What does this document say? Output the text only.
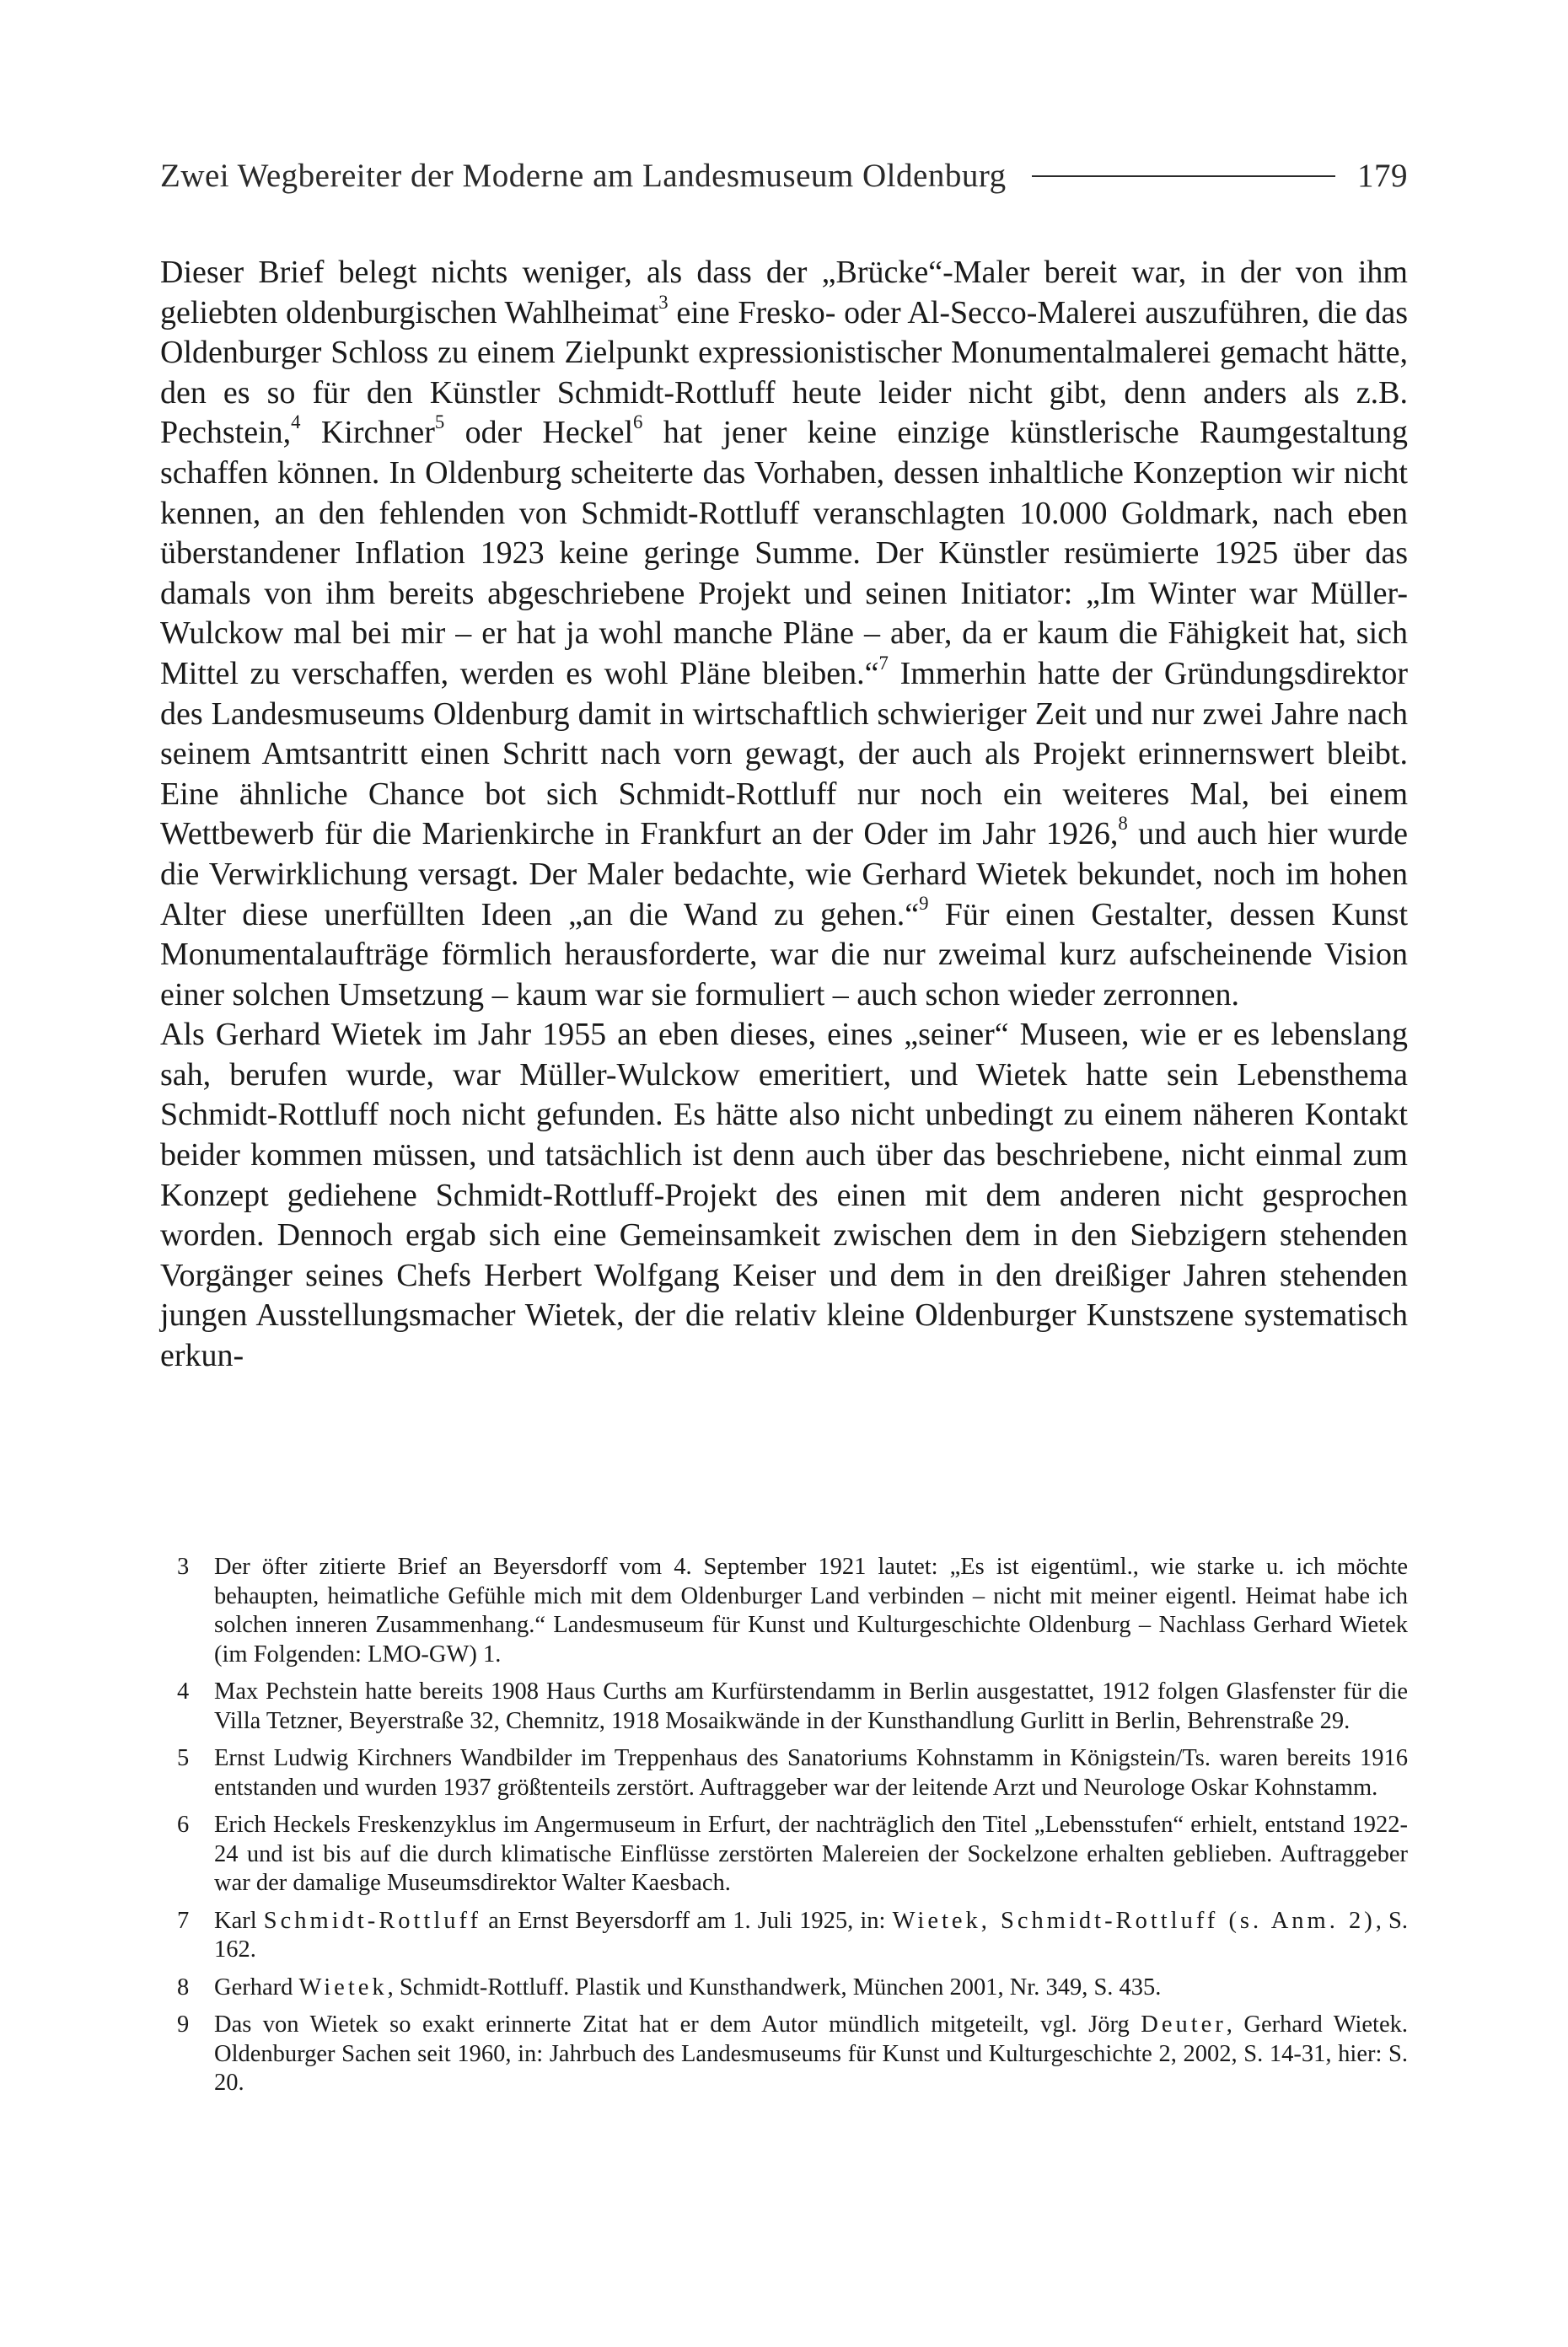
Zwei Wegbereiter der Moderne am Landesmuseum Oldenburg	179

Dieser Brief belegt nichts weniger, als dass der „Brücke“-Maler bereit war, in der von ihm geliebten oldenburgischen Wahlheimat$^3$ eine Fresko- oder Al-Secco-Malerei auszuführen, die das Oldenburger Schloss zu einem Zielpunkt expressionistischer Monumentalmalerei gemacht hätte, den es so für den Künstler Schmidt-Rottluff heute leider nicht gibt, denn anders als z.B. Pechstein,$^4$ Kirchner$^5$ oder Heckel$^6$ hat jener keine einzige künstlerische Raumgestaltung schaffen können. In Oldenburg scheiterte das Vorhaben, dessen inhaltliche Konzeption wir nicht kennen, an den fehlenden von Schmidt-Rottluff veranschlagten 10.000 Goldmark, nach eben überstandener Inflation 1923 keine geringe Summe. Der Künstler resümierte 1925 über das damals von ihm bereits abgeschriebene Projekt und seinen Initiator: „Im Winter war Müller-Wulckow mal bei mir – er hat ja wohl manche Pläne – aber, da er kaum die Fähigkeit hat, sich Mittel zu verschaffen, werden es wohl Pläne bleiben.“$^7$ Immerhin hatte der Gründungsdirektor des Landesmuseums Oldenburg damit in wirtschaftlich schwieriger Zeit und nur zwei Jahre nach seinem Amtsantritt einen Schritt nach vorn gewagt, der auch als Projekt erinnernswert bleibt. Eine ähnliche Chance bot sich Schmidt-Rottluff nur noch ein weiteres Mal, bei einem Wettbewerb für die Marienkirche in Frankfurt an der Oder im Jahr 1926,$^8$ und auch hier wurde die Verwirklichung versagt. Der Maler bedachte, wie Gerhard Wietek bekundet, noch im hohen Alter diese unerfüllten Ideen „an die Wand zu gehen.“$^9$ Für einen Gestalter, dessen Kunst Monumentalaufträge förmlich herausforderte, war die nur zweimal kurz aufscheinende Vision einer solchen Umsetzung – kaum war sie formuliert – auch schon wieder zerronnen.

Als Gerhard Wietek im Jahr 1955 an eben dieses, eines „seiner“ Museen, wie er es lebenslang sah, berufen wurde, war Müller-Wulckow emeritiert, und Wietek hatte sein Lebensthema Schmidt-Rottluff noch nicht gefunden. Es hätte also nicht unbedingt zu einem näheren Kontakt beider kommen müssen, und tatsächlich ist denn auch über das beschriebene, nicht einmal zum Konzept gediehene Schmidt-Rottluff-Projekt des einen mit dem anderen nicht gesprochen worden. Dennoch ergab sich eine Gemeinsamkeit zwischen dem in den Siebzigern stehenden Vorgänger seines Chefs Herbert Wolfgang Keiser und dem in den dreißiger Jahren stehenden jungen Ausstellungsmacher Wietek, der die relativ kleine Oldenburger Kunstszene systematisch erkun-

3	Der öfter zitierte Brief an Beyersdorff vom 4. September 1921 lautet: „Es ist eigentüml., wie starke u. ich möchte behaupten, heimatliche Gefühle mich mit dem Oldenburger Land verbinden – nicht mit meiner eigentl. Heimat habe ich solchen inneren Zusammenhang.“ Landesmuseum für Kunst und Kulturgeschichte Oldenburg – Nachlass Gerhard Wietek (im Folgenden: LMO-GW) 1.
4	Max Pechstein hatte bereits 1908 Haus Curths am Kurfürstendamm in Berlin ausgestattet, 1912 folgen Glasfenster für die Villa Tetzner, Beyerstraße 32, Chemnitz, 1918 Mosaikwände in der Kunsthandlung Gurlitt in Berlin, Behrenstraße 29.
5	Ernst Ludwig Kirchners Wandbilder im Treppenhaus des Sanatoriums Kohnstamm in Königstein/Ts. waren bereits 1916 entstanden und wurden 1937 größtenteils zerstört. Auftraggeber war der leitende Arzt und Neurologe Oskar Kohnstamm.
6	Erich Heckels Freskenzyklus im Angermuseum in Erfurt, der nachträglich den Titel „Lebensstufen“ erhielt, entstand 1922-24 und ist bis auf die durch klimatische Einflüsse zerstörten Malereien der Sockelzone erhalten geblieben. Auftraggeber war der damalige Museumsdirektor Walter Kaesbach.
7	Karl Schmidt-Rottluff an Ernst Beyersdorff am 1. Juli 1925, in: Wietek, Schmidt-Rottluff (s. Anm. 2), S. 162.
8	Gerhard Wietek, Schmidt-Rottluff. Plastik und Kunsthandwerk, München 2001, Nr. 349, S. 435.
9	Das von Wietek so exakt erinnerte Zitat hat er dem Autor mündlich mitgeteilt, vgl. Jörg Deuter, Gerhard Wietek. Oldenburger Sachen seit 1960, in: Jahrbuch des Landesmuseums für Kunst und Kulturgeschichte 2, 2002, S. 14-31, hier: S. 20.
